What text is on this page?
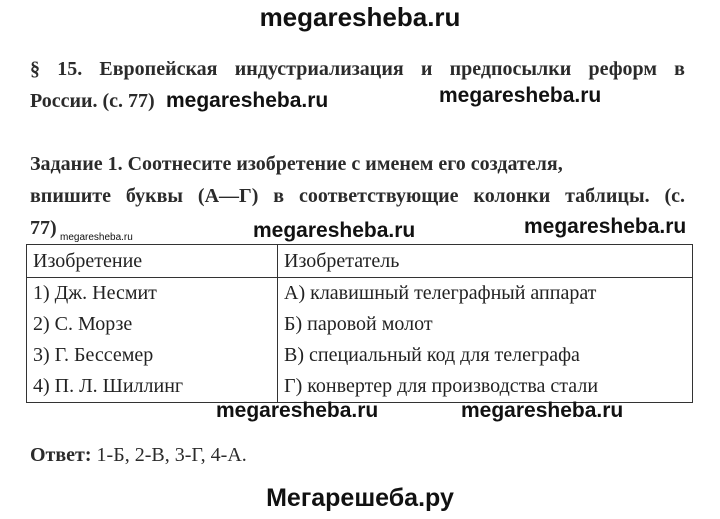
megaresheba.ru
§ 15. Европейская индустриализация и предпосылки реформ в
России. (с. 77) megaresheba.ru	megaresheba.ru
Задание 1. Соотнесите изобретение с именем его создателя,
впишите буквы (А—Г) в соответствующие колонки таблицы. (с.
77) megaresheba.ru	megaresheba.ru	megaresheba.ru
Изобретение	Изобретатель
1) Дж. Несмит	А) клавишный телеграфный аппарат
2) С. Морзе	Б) паровой молот
3) Г. Бессемер	В) специальный код для телеграфа
4) П. Л. Шиллинг	Г) конвертер для производства стали
megaresheba.ru	megaresheba.ru
Ответ: 1-Б, 2-В, 3-Г, 4-А.
Мегарешеба.ру
